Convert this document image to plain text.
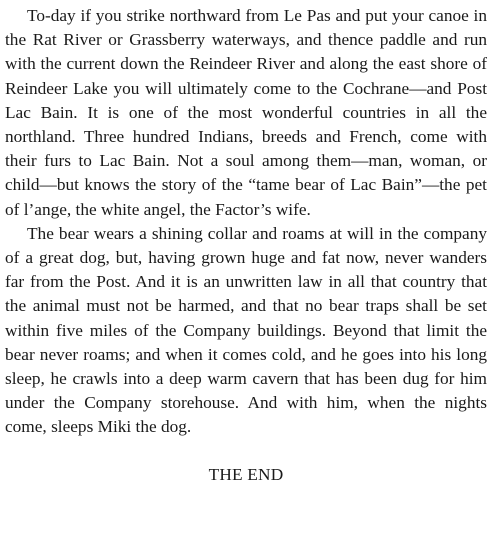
To-day if you strike northward from Le Pas and put your canoe in the Rat River or Grassberry waterways, and thence paddle and run with the current down the Reindeer River and along the east shore of Reindeer Lake you will ultimately come to the Cochrane—and Post Lac Bain. It is one of the most wonderful countries in all the northland. Three hundred Indians, breeds and French, come with their furs to Lac Bain. Not a soul among them—man, woman, or child—but knows the story of the “tame bear of Lac Bain”—the pet of l’ange, the white angel, the Factor’s wife.

The bear wears a shining collar and roams at will in the company of a great dog, but, having grown huge and fat now, never wanders far from the Post. And it is an unwritten law in all that country that the animal must not be harmed, and that no bear traps shall be set within five miles of the Company buildings. Beyond that limit the bear never roams; and when it comes cold, and he goes into his long sleep, he crawls into a deep warm cavern that has been dug for him under the Company storehouse. And with him, when the nights come, sleeps Miki the dog.

THE END
